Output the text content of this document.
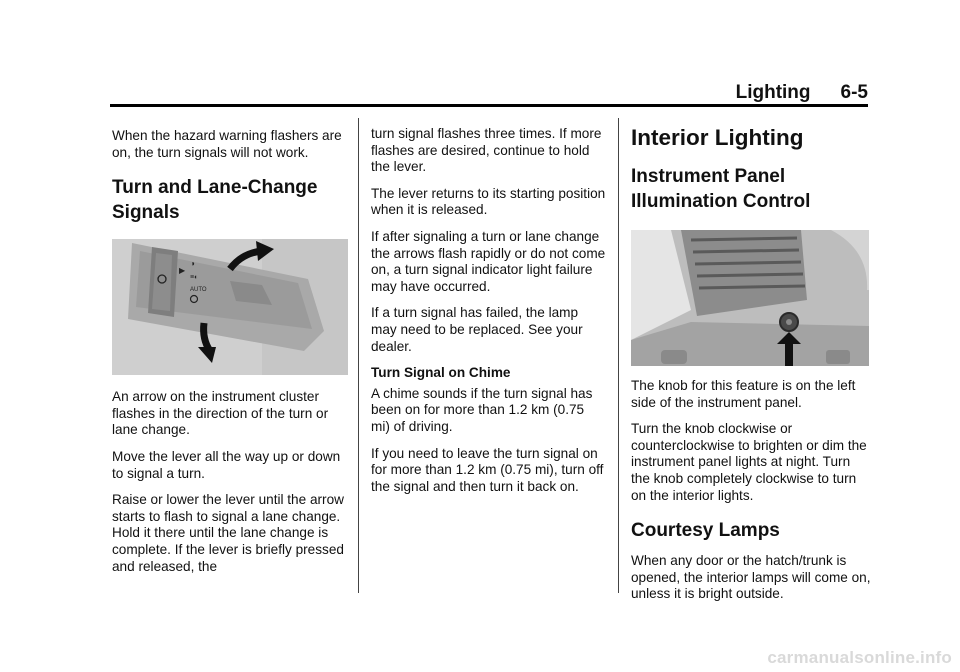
Lighting 6-5

When the hazard warning flashers are on, the turn signals will not work.

Turn and Lane-Change Signals
▶
◑
≡◐
AUTO

An arrow on the instrument cluster flashes in the direction of the turn or lane change.

Move the lever all the way up or down to signal a turn.

Raise or lower the lever until the arrow starts to flash to signal a lane change. Hold it there until the lane change is complete. If the lever is briefly pressed and released, the

turn signal flashes three times. If more flashes are desired, continue to hold the lever.

The lever returns to its starting position when it is released.

If after signaling a turn or lane change the arrows flash rapidly or do not come on, a turn signal indicator light failure may have occurred.

If a turn signal has failed, the lamp may need to be replaced. See your dealer.

Turn Signal on Chime

A chime sounds if the turn signal has been on for more than 1.2 km (0.75 mi) of driving.

If you need to leave the turn signal on for more than 1.2 km (0.75 mi), turn off the signal and then turn it back on.

Interior Lighting
Instrument Panel Illumination Control

The knob for this feature is on the left side of the instrument panel.

Turn the knob clockwise or counterclockwise to brighten or dim the instrument panel lights at night. Turn the knob completely clockwise to turn on the interior lights.

Courtesy Lamps

When any door or the hatch/trunk is opened, the interior lamps will come on, unless it is bright outside.

carmanualsonline.info
